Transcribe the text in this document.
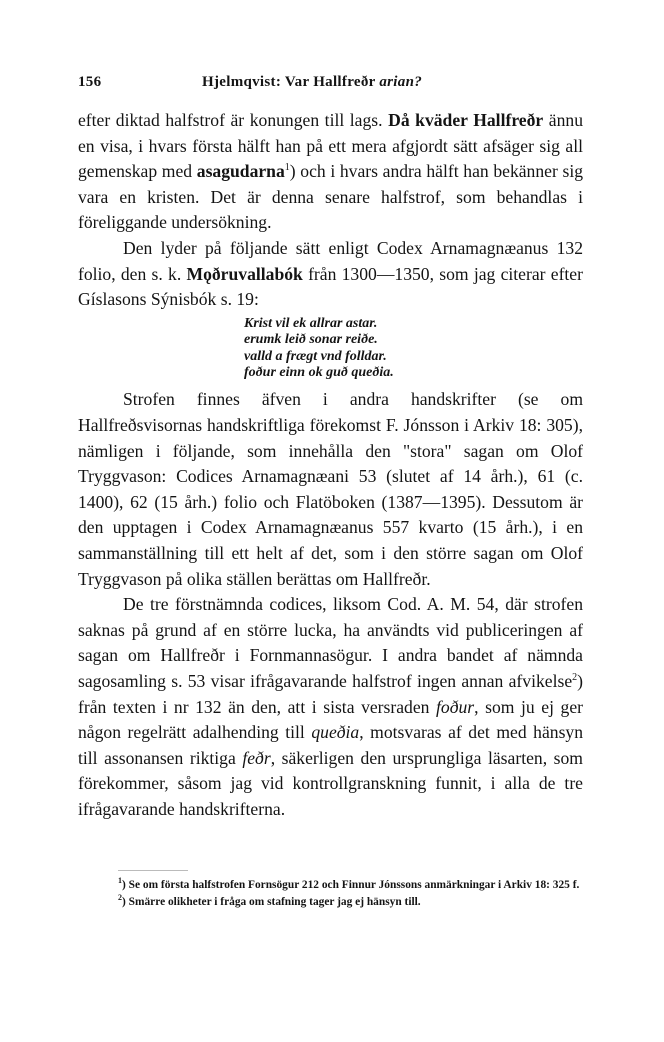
156	Hjelmqvist: Var Hallfreðr arian?

efter diktad halfstrof är konungen till lags. Då kväder Hallfreðr ännu en visa, i hvars första hälft han på ett mera afgjordt sätt afsäger sig all gemenskap med asagudarna$^1$) och i hvars andra hälft han bekänner sig vara en kristen. Det är denna senare halfstrof, som behandlas i föreliggande undersökning.

Den lyder på följande sätt enligt Codex Arnamagnæanus 132 folio, den s. k. Mǫðruvallabók från 1300—1350, som jag citerar efter Gíslasons Sýnisbók s. 19:

Krist vil ek allrar astar.
erumk leið sonar reiðe.
valld a frægt vnd folldar.
foður einn ok guð queðia.

Strofen finnes äfven i andra handskrifter (se om Hallfreðsvisornas handskriftliga förekomst F. Jónsson i Arkiv 18: 305), nämligen i följande, som innehålla den "stora" sagan om Olof Tryggvason: Codices Arnamagnæani 53 (slutet af 14 årh.), 61 (c. 1400), 62 (15 årh.) folio och Flatöboken (1387—1395). Dessutom är den upptagen i Codex Arnamagnæanus 557 kvarto (15 årh.), i en sammanställning till ett helt af det, som i den större sagan om Olof Tryggvason på olika ställen berättas om Hallfreðr.

De tre förstnämnda codices, liksom Cod. A. M. 54, där strofen saknas på grund af en större lucka, ha användts vid publiceringen af sagan om Hallfreðr i Fornmannasögur. I andra bandet af nämnda sagosamling s. 53 visar ifrågavarande halfstrof ingen annan afvikelse$^2$) från texten i nr 132 än den, att i sista versraden foður, som ju ej ger någon regelrätt adalhending till queðia, motsvaras af det med hänsyn till assonansen riktiga feðr, säkerligen den ursprungliga läsarten, som förekommer, såsom jag vid kontrollgranskning funnit, i alla de tre ifrågavarande handskrifterna.

$^1$) Se om första halfstrofen Fornsögur 212 och Finnur Jónssons anmärkningar i Arkiv 18: 325 f.

$^2$) Smärre olikheter i fråga om stafning tager jag ej hänsyn till.
